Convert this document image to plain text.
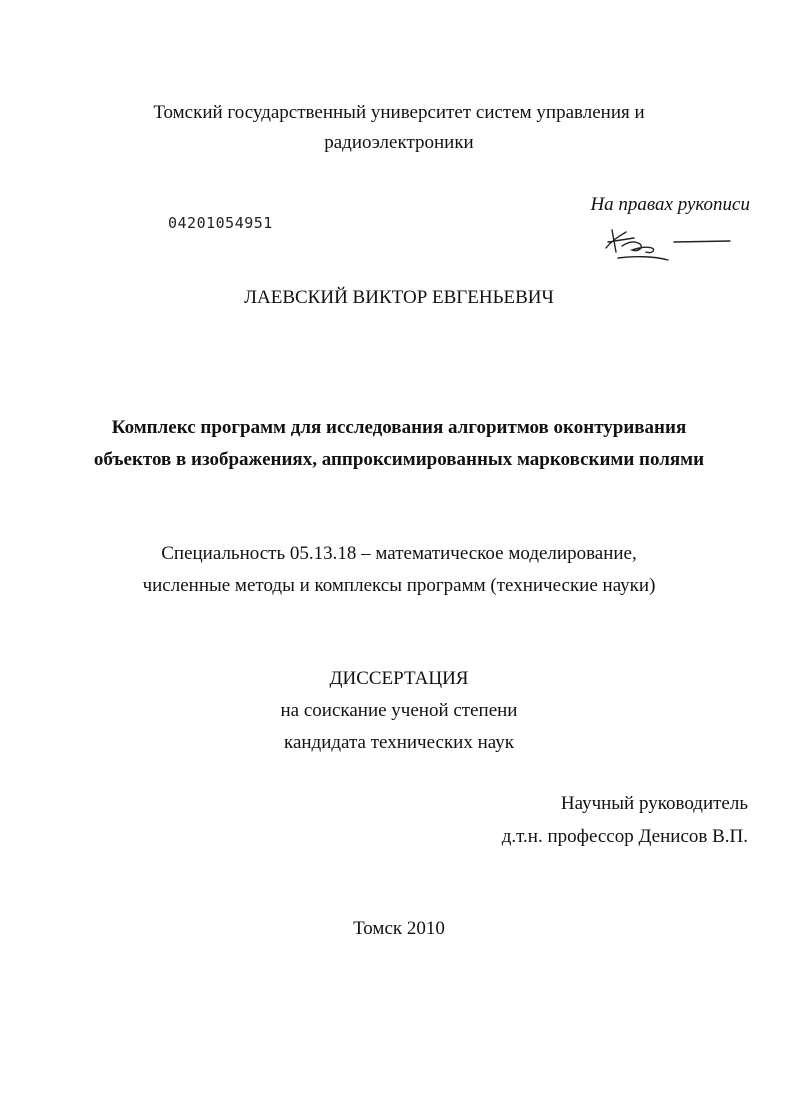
Томский государственный университет систем управления и
радиоэлектроники
04201054951
На правах рукописи
ЛАЕВСКИЙ ВИКТОР ЕВГЕНЬЕВИЧ
Комплекс программ для исследования алгоритмов оконтуривания
объектов в изображениях, аппроксимированных марковскими полями
Специальность 05.13.18 – математическое моделирование,
численные методы и комплексы программ (технические науки)
ДИССЕРТАЦИЯ
на соискание ученой степени
кандидата технических наук
Научный руководитель
д.т.н. профессор Денисов В.П.
Томск 2010
